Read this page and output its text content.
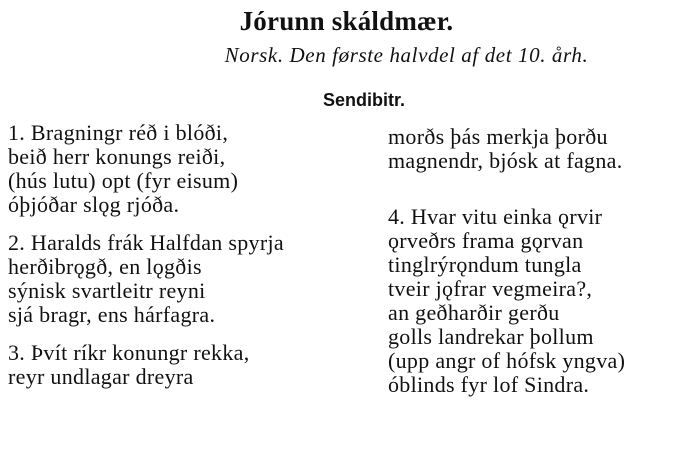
Jórunn skáldmær.
Norsk. Den første halvdel af det 10. årh.
Sendibitr.
1. Bragningr réð i blóði,
beið herr konungs reiði,
(hús lutu) opt (fyr eisum)
óþjóðar slǫg rjóða.
2. Haralds frák Halfdan spyrja
herðibrǫgð, en lǫgðis
sýnisk svartleitr reyni
sjá bragr, ens hárfagra.
3. Þvít ríkr konungr rekka,
reyr undlagar dreyra
morðs þás merkja þorðu
magnendr, bjósk at fagna.
4. Hvar vitu einka ǫrvir
ǫrveðrs frama gǫrvan
tinglrýrǫndum tungla
tveir jǫfrar vegmeira?,
an geðharðir gerðu
golls landrekar þollum
(upp angr of hófsk yngva)
óblinds fyr lof Sindra.
